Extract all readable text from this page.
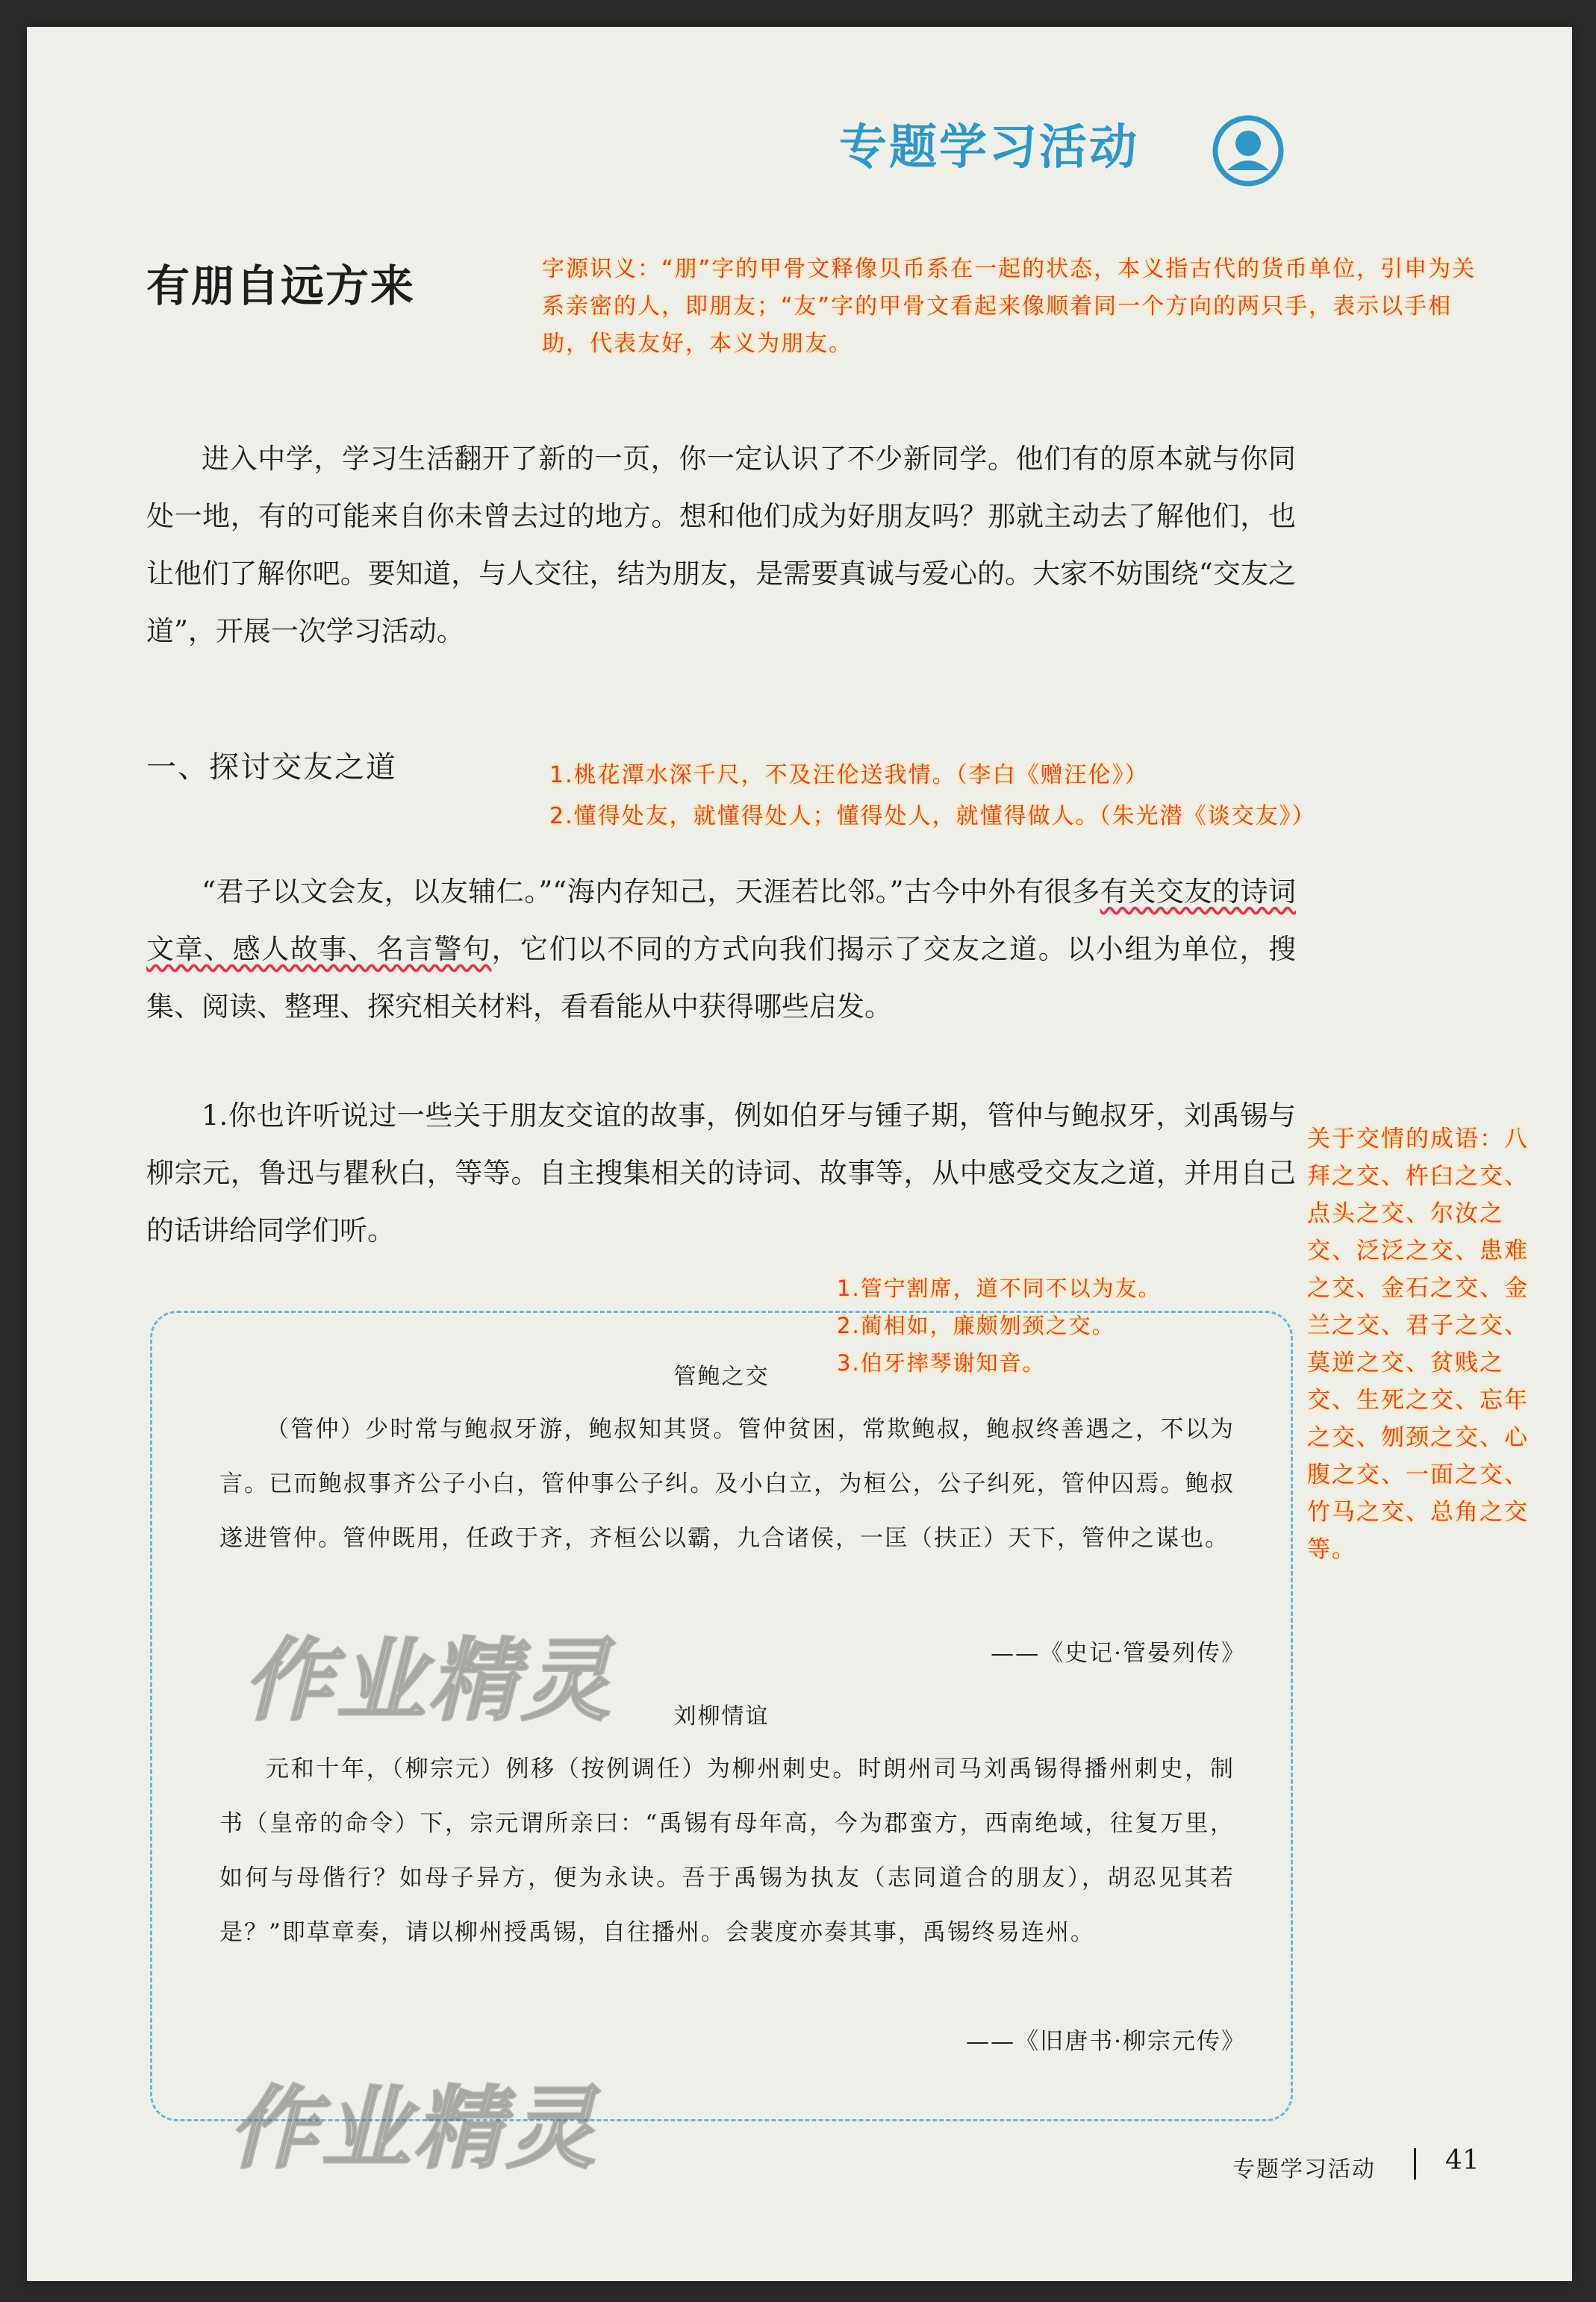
专题学习活动
有朋自远方来	字源识义：“朋”字的甲骨文释像贝币系在一起的状态，本义指古代的货币单位，引申为关系亲密的人，即朋友；“友”字的甲骨文看起来像顺着同一个方向的两只手，表示以手相助，代表友好，本义为朋友。

进入中学，学习生活翻开了新的一页，你一定认识了不少新同学。他们有的原本就与你同处一地，有的可能来自你未曾去过的地方。想和他们成为好朋友吗？那就主动去了解他们，也让他们了解你吧。要知道，与人交往，结为朋友，是需要真诚与爱心的。大家不妨围绕“交友之道”，开展一次学习活动。

一、探讨交友之道	1.桃花潭水深千尺，不及汪伦送我情。（李白《赠汪伦》）
2.懂得处友，就懂得处人；懂得处人，就懂得做人。（朱光潜《谈交友》）

“君子以文会友，以友辅仁。”“海内存知己，天涯若比邻。”古今中外有很多有关交友的诗词文章、感人故事、名言警句，它们以不同的方式向我们揭示了交友之道。以小组为单位，搜集、阅读、整理、探究相关材料，看看能从中获得哪些启发。

1.你也许听说过一些关于朋友交谊的故事，例如伯牙与锺子期，管仲与鲍叔牙，刘禹锡与柳宗元，鲁迅与瞿秋白，等等。自主搜集相关的诗词、故事等，从中感受交友之道，并用自己的话讲给同学们听。

关于交情的成语：八拜之交、杵臼之交、点头之交、尔汝之交、泛泛之交、患难之交、金石之交、金兰之交、君子之交、莫逆之交、贫贱之交、生死之交、忘年之交、刎颈之交、心腹之交、一面之交、竹马之交、总角之交等。
1.管宁割席，道不同不以为友。
2.蔺相如，廉颇刎颈之交。
3.伯牙摔琴谢知音。
管鲍之交

（管仲）少时常与鲍叔牙游，鲍叔知其贤。管仲贫困，常欺鲍叔，鲍叔终善遇之，不以为言。已而鲍叔事齐公子小白，管仲事公子纠。及小白立，为桓公，公子纠死，管仲囚焉。鲍叔遂进管仲。管仲既用，任政于齐，齐桓公以霸，九合诸侯，一匡（扶正）天下，管仲之谋也。

——《史记·管晏列传》
刘柳情谊

元和十年，（柳宗元）例移（按例调任）为柳州刺史。时朗州司马刘禹锡得播州刺史，制书（皇帝的命令）下，宗元谓所亲曰：“禹锡有母年高，今为郡蛮方，西南绝域，往复万里，如何与母偕行？如母子异方，便为永诀。吾于禹锡为执友（志同道合的朋友），胡忍见其若是？”即草章奏，请以柳州授禹锡，自往播州。会裴度亦奏其事，禹锡终易连州。

——《旧唐书·柳宗元传》
作业精灵
作业精灵	专题学习活动	41
